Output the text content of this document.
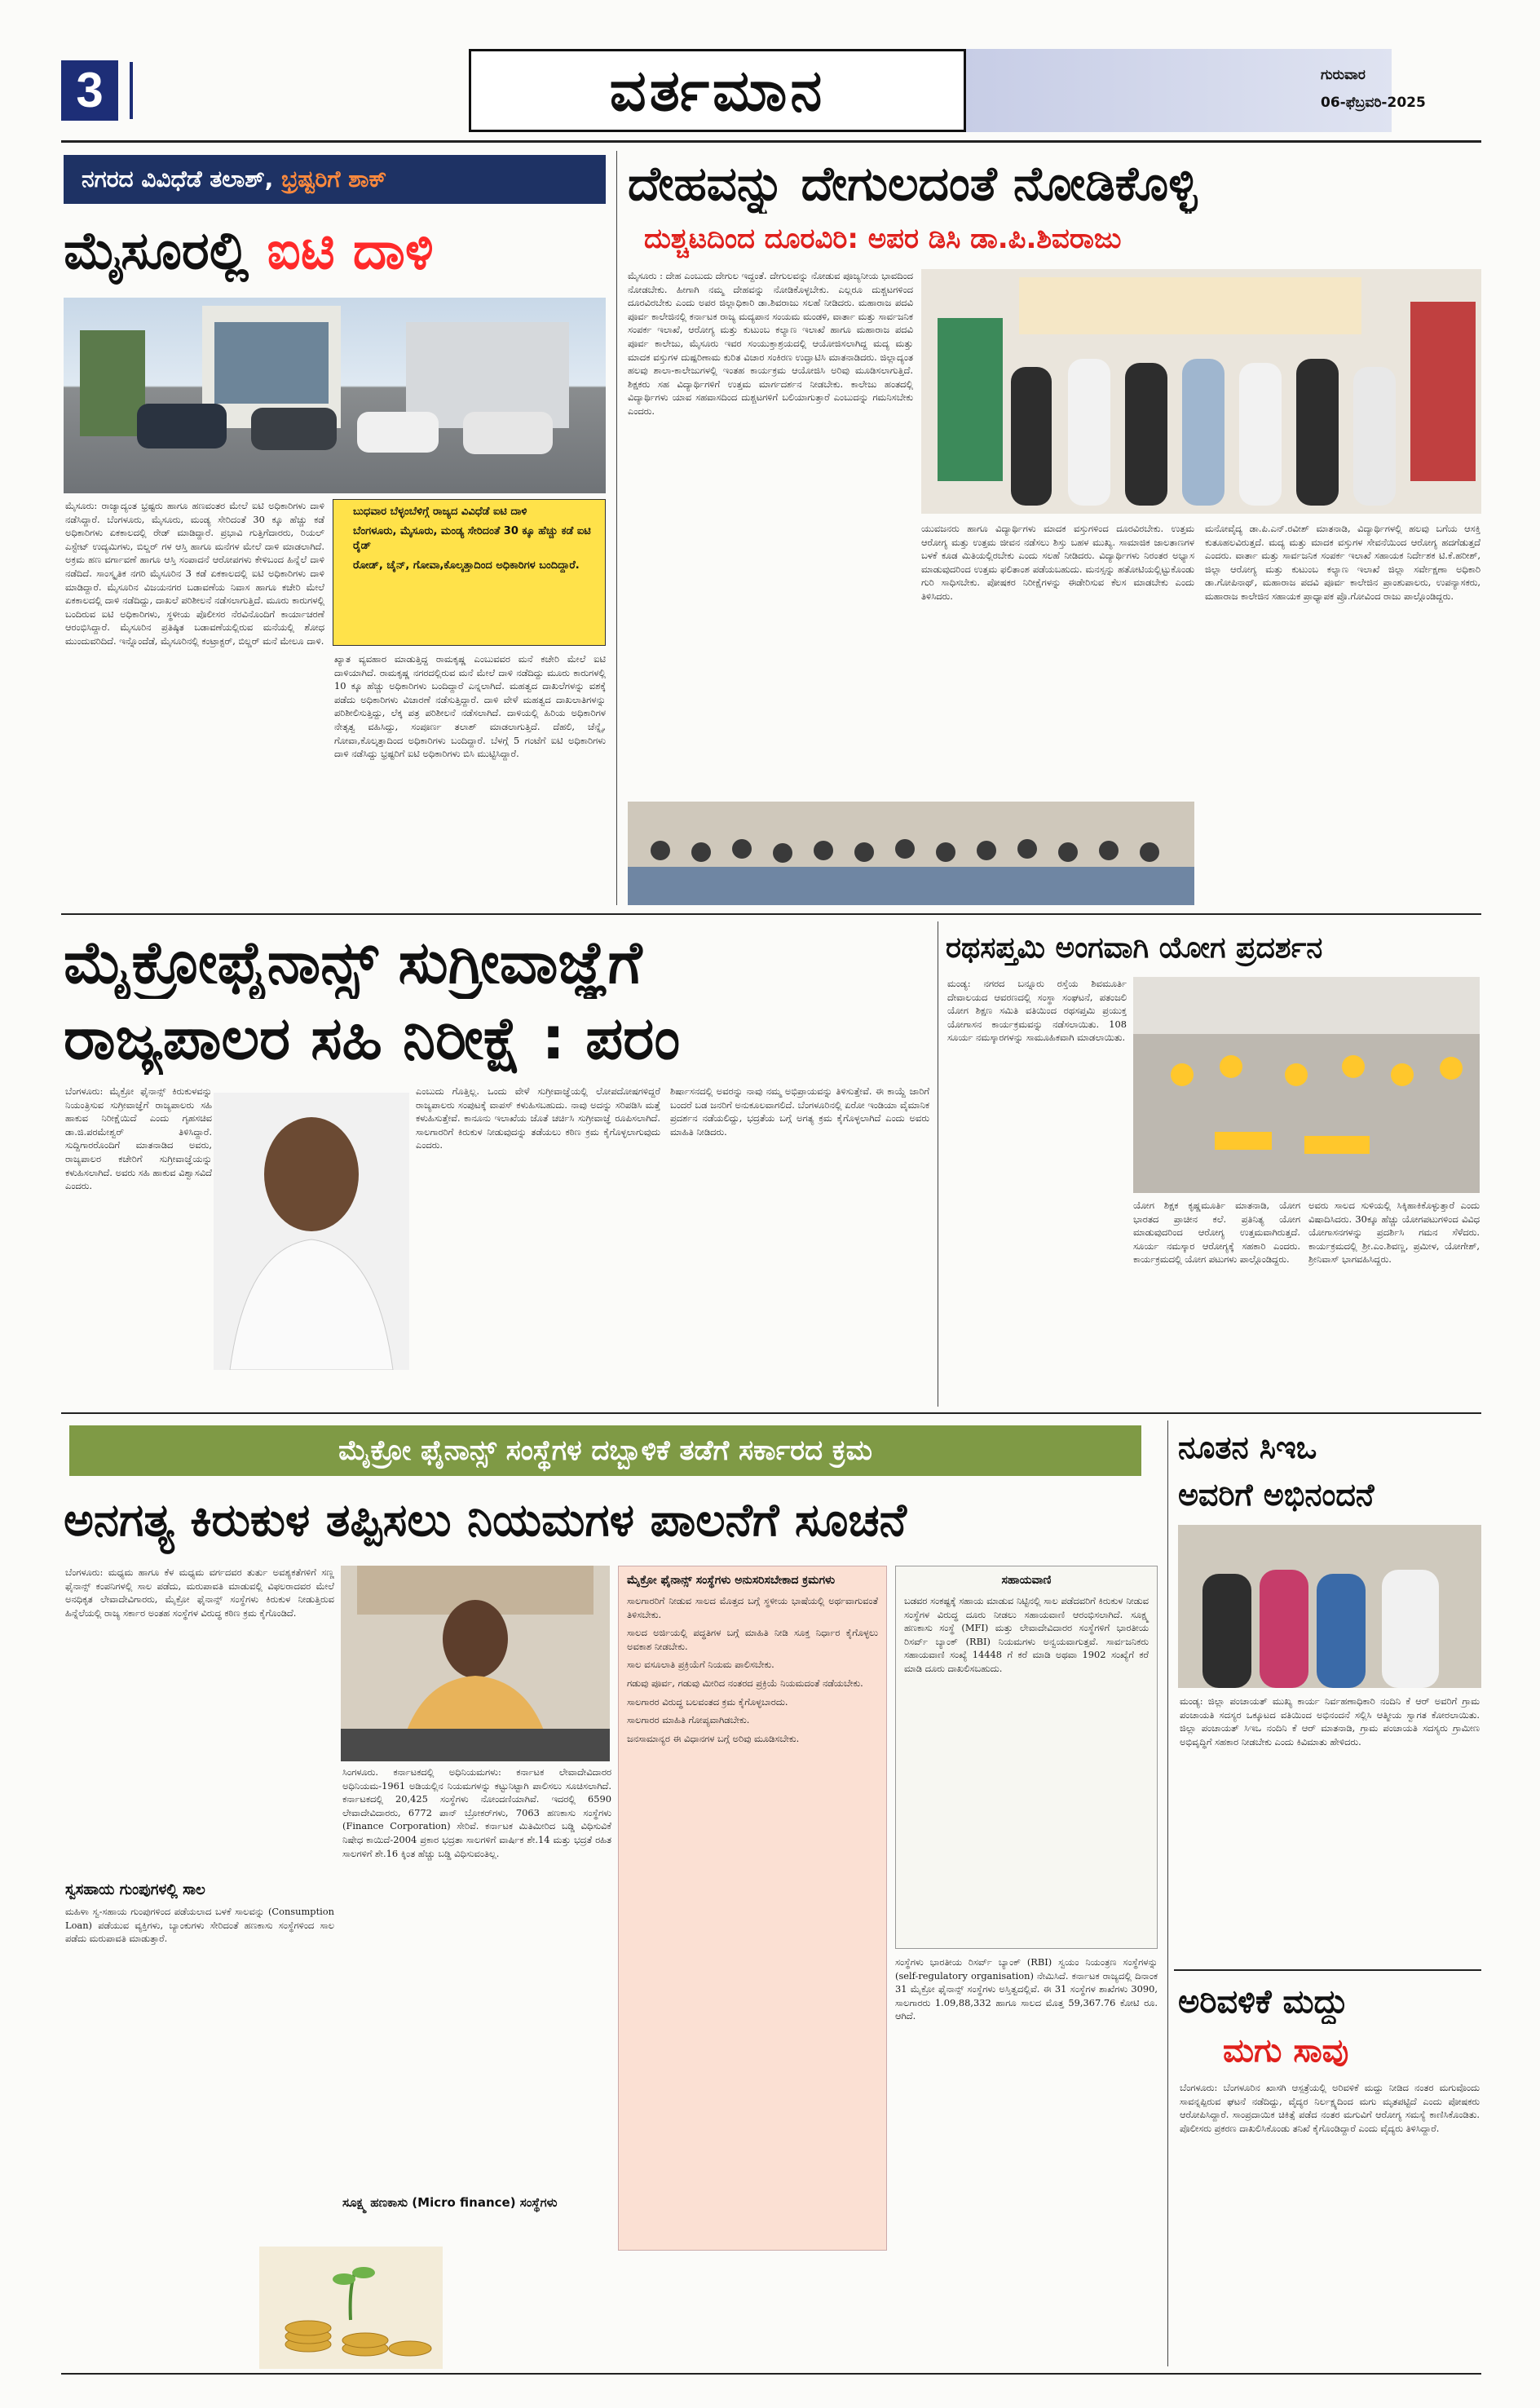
3	ವರ್ತಮಾನ	ಗುರುವಾರ
06-ಫೆಬ್ರವರಿ-2025
ನಗರದ ವಿವಿಧೆಡೆ ತಲಾಶ್, ಭ್ರಷ್ಟರಿಗೆ ಶಾಕ್
ಮೈಸೂರಲ್ಲಿ ಐಟಿ ದಾಳಿ
ಮೈಸೂರು: ರಾಜ್ಯಾದ್ಯಂತ ಭ್ರಷ್ಟರು ಹಾಗೂ ಹಣವಂತರ ಮೇಲೆ ಐಟಿ ಅಧಿಕಾರಿಗಳು ದಾಳಿ ನಡೆಸಿದ್ದಾರೆ. ಬೆಂಗಳೂರು, ಮೈಸೂರು, ಮಂಡ್ಯ ಸೇರಿದಂತೆ 30 ಕ್ಕೂ ಹೆಚ್ಚು ಕಡೆ ಅಧಿಕಾರಿಗಳು ಏಕಕಾಲದಲ್ಲಿ ರೇಡ್ ಮಾಡಿದ್ದಾರೆ. ಪ್ರಭಾವಿ ಗುತ್ತಿಗೆದಾರರು, ರಿಯಲ್ ಎಸ್ಟೇಟ್ ಉದ್ಯಮಿಗಳು, ಬಿಲ್ಡರ್ ಗಳ ಆಸ್ತಿ ಹಾಗೂ ಮನೆಗಳ ಮೇಲೆ ದಾಳಿ ಮಾಡಲಾಗಿದೆ. ಅಕ್ರಮ ಹಣ ವರ್ಗಾವಣೆ ಹಾಗೂ ಆಸ್ತಿ ಸಂಪಾದನೆ ಆರೋಪಗಳು ಕೇಳಿಬಂದ ಹಿನ್ನೆಲೆ ದಾಳಿ ನಡೆದಿದೆ. ಸಾಂಸ್ಕೃತಿಕ ನಗರಿ ಮೈಸೂರಿನ 3 ಕಡೆ ಏಕಕಾಲದಲ್ಲಿ ಐಟಿ ಅಧಿಕಾರಿಗಳು ದಾಳಿ ಮಾಡಿದ್ದಾರೆ. ಮೈಸೂರಿನ ವಿಜಯನಗರ ಬಡಾವಣೆಯ ನಿವಾಸ ಹಾಗೂ ಕಚೇರಿ ಮೇಲೆ ಏಕಕಾಲದಲ್ಲಿ ದಾಳಿ ನಡೆದಿದ್ದು, ದಾಖಲೆ ಪರಿಶೀಲನೆ ನಡೆಸಲಾಗುತ್ತಿದೆ. ಮೂರು ಕಾರುಗಳಲ್ಲಿ ಬಂದಿರುವ ಐಟಿ ಅಧಿಕಾರಿಗಳು, ಸ್ಥಳೀಯ ಪೊಲೀಸರ ನೆರವಿನೊಂದಿಗೆ ಕಾರ್ಯಾಚರಣೆ ಆರಂಭಿಸಿದ್ದಾರೆ. ಮೈಸೂರಿನ ಪ್ರತಿಷ್ಠಿತ ಬಡಾವಣೆಯಲ್ಲಿರುವ ಮನೆಯಲ್ಲಿ ಶೋಧ ಮುಂದುವರಿದಿದೆ. ಇನ್ನೊಂದೆಡೆ, ಮೈಸೂರಿನಲ್ಲಿ ಕಂಟ್ರಾಕ್ಟರ್, ಬಿಲ್ಡರ್ ಮನೆ ಮೇಲೂ ದಾಳಿ.
ಬುಧವಾರ ಬೆಳ್ಳಂಬೆಳಿಗ್ಗೆ ರಾಜ್ಯದ ವಿವಿಧೆಡೆ ಐಟಿ ದಾಳಿ
ಬೆಂಗಳೂರು, ಮೈಸೂರು, ಮಂಡ್ಯ ಸೇರಿದಂತೆ 30 ಕ್ಕೂ ಹೆಚ್ಚು ಕಡೆ ಐಟಿ ರೈಡ್
ರೋಡ್, ಚೈನ್, ಗೋವಾ,ಕೊಲ್ಕತ್ತಾದಿಂದ ಅಧಿಕಾರಿಗಳ ಬಂದಿದ್ದಾರೆ.
ಖ್ಯಾತ ವ್ಯವಹಾರ ಮಾಡುತ್ತಿದ್ದ ರಾಮಕೃಷ್ಣ ಎಂಬುವವರ ಮನೆ ಕಚೇರಿ ಮೇಲೆ ಐಟಿ ದಾಳಿಯಾಗಿದೆ. ರಾಮಕೃಷ್ಣ ನಗರದಲ್ಲಿರುವ ಮನೆ ಮೇಲೆ ದಾಳಿ ನಡೆದಿದ್ದು ಮೂರು ಕಾರುಗಳಲ್ಲಿ 10 ಕ್ಕೂ ಹೆಚ್ಚು ಅಧಿಕಾರಿಗಳು ಬಂದಿದ್ದಾರೆ ಎನ್ನಲಾಗಿದೆ. ಮಹತ್ವದ ದಾಖಲೆಗಳನ್ನು ವಶಕ್ಕೆ ಪಡೆದು ಅಧಿಕಾರಿಗಳು ವಿಚಾರಣೆ ನಡೆಸುತ್ತಿದ್ದಾರೆ. ದಾಳಿ ವೇಳೆ ಮಹತ್ವದ ದಾಖಲಾತಿಗಳನ್ನು ಪರಿಶೀಲಿಸುತ್ತಿದ್ದು, ಲೆಕ್ಕ ಪತ್ರ ಪರಿಶೀಲನೆ ನಡೆಸಲಾಗಿದೆ. ದಾಳಿಯಲ್ಲಿ ಹಿರಿಯ ಅಧಿಕಾರಿಗಳ ನೇತೃತ್ವ ವಹಿಸಿದ್ದು, ಸಂಪೂರ್ಣ ತಲಾಶ್ ಮಾಡಲಾಗುತ್ತಿದೆ. ದೆಹಲಿ, ಚೆನ್ನೈ, ಗೋವಾ,ಕೊಲ್ಕತ್ತಾದಿಂದ ಅಧಿಕಾರಿಗಳು ಬಂದಿದ್ದಾರೆ. ಬೆಳಗ್ಗೆ 5 ಗಂಟೆಗೆ ಐಟಿ ಅಧಿಕಾರಿಗಳು ದಾಳಿ ನಡೆಸಿದ್ದು ಭ್ರಷ್ಟರಿಗೆ ಐಟಿ ಅಧಿಕಾರಿಗಳು ಬಿಸಿ ಮುಟ್ಟಿಸಿದ್ದಾರೆ.
ದೇಹವನ್ನು ದೇಗುಲದಂತೆ ನೋಡಿಕೊಳ್ಳಿ
ದುಶ್ಚಟದಿಂದ ದೂರವಿರಿ: ಅಪರ ಡಿಸಿ ಡಾ.ಪಿ.ಶಿವರಾಜು
ಮೈಸೂರು : ದೇಹ ಎಂಬುದು ದೇಗುಲ ಇದ್ದಂತೆ. ದೇಗುಲವನ್ನು ನೋಡುವ ಪೂಜ್ಯನೀಯ ಭಾವದಿಂದ ನೋಡಬೇಕು. ಹೀಗಾಗಿ ನಮ್ಮ ದೇಹವನ್ನು ನೋಡಿಕೊಳ್ಳಬೇಕು. ಎಲ್ಲರೂ ದುಶ್ಚಟಗಳಿಂದ ದೂರವಿರಬೇಕು ಎಂದು ಅಪರ ಜಿಲ್ಲಾಧಿಕಾರಿ ಡಾ.ಶಿವರಾಜು ಸಲಹೆ ನೀಡಿದರು. ಮಹಾರಾಜ ಪದವಿ ಪೂರ್ವ ಕಾಲೇಜಿನಲ್ಲಿ ಕರ್ನಾಟಕ ರಾಜ್ಯ ಮದ್ಯಪಾನ ಸಂಯಮ ಮಂಡಳಿ, ವಾರ್ತಾ ಮತ್ತು ಸಾರ್ವಜನಿಕ ಸಂಪರ್ಕ ಇಲಾಖೆ, ಆರೋಗ್ಯ ಮತ್ತು ಕುಟುಂಬ ಕಲ್ಯಾಣ ಇಲಾಖೆ ಹಾಗೂ ಮಹಾರಾಜ ಪದವಿ ಪೂರ್ವ ಕಾಲೇಜು, ಮೈಸೂರು ಇವರ ಸಂಯುಕ್ತಾಶ್ರಯದಲ್ಲಿ ಆಯೋಜಿಸಲಾಗಿದ್ದ ಮದ್ಯ ಮತ್ತು ಮಾದಕ ವಸ್ತುಗಳ ದುಷ್ಪರಿಣಾಮ ಕುರಿತ ವಿಚಾರ ಸಂಕಿರಣ ಉದ್ಘಾಟಿಸಿ ಮಾತನಾಡಿದರು. ಜಿಲ್ಲಾದ್ಯಂತ ಹಲವು ಶಾಲಾ-ಕಾಲೇಜುಗಳಲ್ಲಿ ಇಂತಹ ಕಾರ್ಯಕ್ರಮ ಆಯೋಜಿಸಿ ಅರಿವು ಮೂಡಿಸಲಾಗುತ್ತಿದೆ. ಶಿಕ್ಷಕರು ಸಹ ವಿದ್ಯಾರ್ಥಿಗಳಿಗೆ ಉತ್ತಮ ಮಾರ್ಗದರ್ಶನ ನೀಡಬೇಕು. ಕಾಲೇಜು ಹಂತದಲ್ಲಿ ವಿದ್ಯಾರ್ಥಿಗಳು ಯಾವ ಸಹವಾಸದಿಂದ ದುಶ್ಚಟಗಳಿಗೆ ಬಲಿಯಾಗುತ್ತಾರೆ ಎಂಬುದನ್ನು ಗಮನಿಸಬೇಕು ಎಂದರು.
ಯುವಜನರು ಹಾಗೂ ವಿದ್ಯಾರ್ಥಿಗಳು ಮಾದಕ ವಸ್ತುಗಳಿಂದ ದೂರವಿರಬೇಕು. ಉತ್ತಮ ಆರೋಗ್ಯ ಮತ್ತು ಉತ್ತಮ ಜೀವನ ನಡೆಸಲು ಶಿಸ್ತು ಬಹಳ ಮುಖ್ಯ. ಸಾಮಾಜಿಕ ಜಾಲತಾಣಗಳ ಬಳಕೆ ಕೂಡ ಮಿತಿಯಲ್ಲಿರಬೇಕು ಎಂದು ಸಲಹೆ ನೀಡಿದರು. ವಿದ್ಯಾರ್ಥಿಗಳು ನಿರಂತರ ಅಭ್ಯಾಸ ಮಾಡುವುದರಿಂದ ಉತ್ತಮ ಫಲಿತಾಂಶ ಪಡೆಯಬಹುದು. ಮನಸ್ಸನ್ನು ಹತೋಟಿಯಲ್ಲಿಟ್ಟುಕೊಂಡು ಗುರಿ ಸಾಧಿಸಬೇಕು. ಪೋಷಕರ ನಿರೀಕ್ಷೆಗಳನ್ನು ಈಡೇರಿಸುವ ಕೆಲಸ ಮಾಡಬೇಕು ಎಂದು ತಿಳಿಸಿದರು.
ಮನೋವೈದ್ಯ ಡಾ.ಪಿ.ಎನ್.ರವೀಶ್ ಮಾತನಾಡಿ, ವಿದ್ಯಾರ್ಥಿಗಳಲ್ಲಿ ಹಲವು ಬಗೆಯ ಆಸಕ್ತಿ ಕುತೂಹಲವಿರುತ್ತದೆ. ಮದ್ಯ ಮತ್ತು ಮಾದಕ ವಸ್ತುಗಳ ಸೇವನೆಯಿಂದ ಆರೋಗ್ಯ ಹದಗೆಡುತ್ತದೆ ಎಂದರು. ವಾರ್ತಾ ಮತ್ತು ಸಾರ್ವಜನಿಕ ಸಂಪರ್ಕ ಇಲಾಖೆ ಸಹಾಯಕ ನಿರ್ದೇಶಕ ಟಿ.ಕೆ.ಹರೀಶ್, ಜಿಲ್ಲಾ ಆರೋಗ್ಯ ಮತ್ತು ಕುಟುಂಬ ಕಲ್ಯಾಣ ಇಲಾಖೆ ಜಿಲ್ಲಾ ಸರ್ವೇಕ್ಷಣಾ ಅಧಿಕಾರಿ ಡಾ.ಗೋಪಿನಾಥ್, ಮಹಾರಾಜ ಪದವಿ ಪೂರ್ವ ಕಾಲೇಜಿನ ಪ್ರಾಂಶುಪಾಲರು, ಉಪನ್ಯಾಸಕರು, ಮಹಾರಾಜ ಕಾಲೇಜಿನ ಸಹಾಯಕ ಪ್ರಾಧ್ಯಾಪಕ ಪ್ರೊ.ಗೋವಿಂದ ರಾಜು ಪಾಲ್ಗೊಂಡಿದ್ದರು.
ಮೈಕ್ರೋಫೈನಾನ್ಸ್ ಸುಗ್ರೀವಾಜ್ಞೆಗೆ
ರಾಜ್ಯಪಾಲರ ಸಹಿ ನಿರೀಕ್ಷೆ : ಪರಂ
ಬೆಂಗಳೂರು: ಮೈಕ್ರೋ ಫೈನಾನ್ಸ್ ಕಿರುಕುಳವನ್ನು ನಿಯಂತ್ರಿಸುವ ಸುಗ್ರೀವಾಜ್ಞೆಗೆ ರಾಜ್ಯಪಾಲರು ಸಹಿ ಹಾಕುವ ನಿರೀಕ್ಷೆಯಿದೆ ಎಂದು ಗೃಹಸಚಿವ ಡಾ.ಜಿ.ಪರಮೇಶ್ವರ್ ತಿಳಿಸಿದ್ದಾರೆ. ಸುದ್ದಿಗಾರರೊಂದಿಗೆ ಮಾತನಾಡಿದ ಅವರು, ರಾಜ್ಯಪಾಲರ ಕಚೇರಿಗೆ ಸುಗ್ರೀವಾಜ್ಞೆಯನ್ನು ಕಳುಹಿಸಲಾಗಿದೆ. ಅವರು ಸಹಿ ಹಾಕುವ ವಿಶ್ವಾಸವಿದೆ ಎಂದರು.
ಎಂಬುದು ಗೊತ್ತಿಲ್ಲ. ಒಂದು ವೇಳೆ ಸುಗ್ರೀವಾಜ್ಞೆಯಲ್ಲಿ ಲೋಪದೋಷಗಳಿದ್ದರೆ ರಾಜ್ಯಪಾಲರು ಸಂಪುಟಕ್ಕೆ ವಾಪಸ್ ಕಳುಹಿಸಬಹುದು. ನಾವು ಅದನ್ನು ಸರಿಪಡಿಸಿ ಮತ್ತೆ ಕಳುಹಿಸುತ್ತೇವೆ. ಕಾನೂನು ಇಲಾಖೆಯ ಜೊತೆ ಚರ್ಚಿಸಿ ಸುಗ್ರೀವಾಜ್ಞೆ ರೂಪಿಸಲಾಗಿದೆ. ಸಾಲಗಾರರಿಗೆ ಕಿರುಕುಳ ನೀಡುವುದನ್ನು ತಡೆಯಲು ಕಠಿಣ ಕ್ರಮ ಕೈಗೊಳ್ಳಲಾಗುವುದು ಎಂದರು.
ಶಿರ್ಷಾಸನದಲ್ಲಿ ಅವರನ್ನು ನಾವು ನಮ್ಮ ಅಭಿಪ್ರಾಯವನ್ನು ತಿಳಿಸುತ್ತೇವೆ. ಈ ಕಾಯ್ದೆ ಜಾರಿಗೆ ಬಂದರೆ ಬಡ ಜನರಿಗೆ ಅನುಕೂಲವಾಗಲಿದೆ. ಬೆಂಗಳೂರಿನಲ್ಲಿ ಏರೋ ಇಂಡಿಯಾ ವೈಮಾನಿಕ ಪ್ರದರ್ಶನ ನಡೆಯಲಿದ್ದು, ಭದ್ರತೆಯ ಬಗ್ಗೆ ಅಗತ್ಯ ಕ್ರಮ ಕೈಗೊಳ್ಳಲಾಗಿದೆ ಎಂದು ಅವರು ಮಾಹಿತಿ ನೀಡಿದರು.
ರಥಸಪ್ತಮಿ ಅಂಗವಾಗಿ ಯೋಗ ಪ್ರದರ್ಶನ
ಮಂಡ್ಯ: ನಗರದ ಬನ್ನೂರು ರಸ್ತೆಯ ಶಿವಮೂರ್ತಿ ದೇವಾಲಯದ ಆವರಣದಲ್ಲಿ ಸಂಸ್ಥಾ ಸಂಘಟನೆ, ಪತಂಜಲಿ ಯೋಗ ಶಿಕ್ಷಣ ಸಮಿತಿ ವತಿಯಿಂದ ರಥಸಪ್ತಮಿ ಪ್ರಯುಕ್ತ ಯೋಗಾಸನ ಕಾರ್ಯಕ್ರಮವನ್ನು ನಡೆಸಲಾಯಿತು. 108 ಸೂರ್ಯ ನಮಸ್ಕಾರಗಳನ್ನು ಸಾಮೂಹಿಕವಾಗಿ ಮಾಡಲಾಯಿತು.
ಯೋಗ ಶಿಕ್ಷಕ ಕೃಷ್ಣಮೂರ್ತಿ ಮಾತನಾಡಿ, ಯೋಗ ಭಾರತದ ಪ್ರಾಚೀನ ಕಲೆ. ಪ್ರತಿನಿತ್ಯ ಯೋಗ ಮಾಡುವುದರಿಂದ ಆರೋಗ್ಯ ಉತ್ತಮವಾಗಿರುತ್ತದೆ. ಸೂರ್ಯ ನಮಸ್ಕಾರ ಆರೋಗ್ಯಕ್ಕೆ ಸಹಕಾರಿ ಎಂದರು. ಕಾರ್ಯಕ್ರಮದಲ್ಲಿ ಯೋಗ ಪಟುಗಳು ಪಾಲ್ಗೊಂಡಿದ್ದರು.
ಅವರು ಸಾಲದ ಸುಳಿಯಲ್ಲಿ ಸಿಕ್ಕಿಹಾಕಿಕೊಳ್ಳುತ್ತಾರೆ ಎಂದು ವಿಷಾದಿಸಿದರು. 30ಕ್ಕೂ ಹೆಚ್ಚು ಯೋಗಪಟುಗಳಿಂದ ವಿವಿಧ ಯೋಗಾಸನಗಳನ್ನು ಪ್ರದರ್ಶಿಸಿ ಗಮನ ಸೆಳೆದರು. ಕಾರ್ಯಕ್ರಮದಲ್ಲಿ ಶ್ರೀ.ಎಂ.ಶಿವಣ್ಣ, ಪ್ರಮೀಳ, ಯೋಗೇಶ್, ಶ್ರೀನಿವಾಸ್ ಭಾಗವಹಿಸಿದ್ದರು.
ಮೈಕ್ರೋ ಫೈನಾನ್ಸ್ ಸಂಸ್ಥೆಗಳ ದಬ್ಬಾಳಿಕೆ ತಡೆಗೆ ಸರ್ಕಾರದ ಕ್ರಮ
ಅನಗತ್ಯ ಕಿರುಕುಳ ತಪ್ಪಿಸಲು ನಿಯಮಗಳ ಪಾಲನೆಗೆ ಸೂಚನೆ
ಬೆಂಗಳೂರು: ಮಧ್ಯಮ ಹಾಗೂ ಕೆಳ ಮಧ್ಯಮ ವರ್ಗದವರ ತುರ್ತು ಅವಶ್ಯಕತೆಗಳಿಗೆ ಸಣ್ಣ ಫೈನಾನ್ಸ್ ಕಂಪನಿಗಳಲ್ಲಿ ಸಾಲ ಪಡೆದು, ಮರುಪಾವತಿ ಮಾಡುವಲ್ಲಿ ವಿಫಲರಾದವರ ಮೇಲೆ ಅನಧಿಕೃತ ಲೇವಾದೇವಿಗಾರರು, ಮೈಕ್ರೋ ಫೈನಾನ್ಸ್ ಸಂಸ್ಥೆಗಳು ಕಿರುಕುಳ ನೀಡುತ್ತಿರುವ ಹಿನ್ನೆಲೆಯಲ್ಲಿ ರಾಜ್ಯ ಸರ್ಕಾರ ಅಂತಹ ಸಂಸ್ಥೆಗಳ ವಿರುದ್ಧ ಕಠಿಣ ಕ್ರಮ ಕೈಗೊಂಡಿದೆ.
ಸ್ವಸಹಾಯ ಗುಂಪುಗಳಲ್ಲಿ ಸಾಲ
ಮಹಿಳಾ ಸ್ವ-ಸಹಾಯ ಗುಂಪುಗಳಿಂದ ಪಡೆಯಲಾದ ಬಳಕೆ ಸಾಲವನ್ನು (Consumption Loan) ಪಡೆಯುವ ವ್ಯಕ್ತಿಗಳು, ಬ್ಯಾಂಕುಗಳು ಸೇರಿದಂತೆ ಹಣಕಾಸು ಸಂಸ್ಥೆಗಳಿಂದ ಸಾಲ ಪಡೆದು ಮರುಪಾವತಿ ಮಾಡುತ್ತಾರೆ.
ಸಿಂಗಳೂರು. ಕರ್ನಾಟಕದಲ್ಲಿ ಅಧಿನಿಯಮಗಳು: ಕರ್ನಾಟಕ ಲೇವಾದೇವಿದಾರರ ಅಧಿನಿಯಮ-1961 ಅಡಿಯಲ್ಲಿನ ನಿಯಮಗಳನ್ನು ಕಟ್ಟುನಿಟ್ಟಾಗಿ ಪಾಲಿಸಲು ಸೂಚಿಸಲಾಗಿದೆ. ಕರ್ನಾಟಕದಲ್ಲಿ 20,425 ಸಂಸ್ಥೆಗಳು ನೋಂದಣಿಯಾಗಿವೆ. ಇದರಲ್ಲಿ 6590 ಲೇವಾದೇವಿದಾರರು, 6772 ಪಾನ್ ಬ್ರೋಕರ್‌ಗಳು, 7063 ಹಣಕಾಸು ಸಂಸ್ಥೆಗಳು (Finance Corporation) ಸೇರಿವೆ. ಕರ್ನಾಟಕ ಮಿತಿಮೀರಿದ ಬಡ್ಡಿ ವಿಧಿಸುವಿಕೆ ನಿಷೇಧ ಕಾಯಿದೆ-2004 ಪ್ರಕಾರ ಭದ್ರತಾ ಸಾಲಗಳಿಗೆ ವಾರ್ಷಿಕ ಶೇ.14 ಮತ್ತು ಭದ್ರತೆ ರಹಿತ ಸಾಲಗಳಿಗೆ ಶೇ.16 ಕ್ಕಿಂತ ಹೆಚ್ಚು ಬಡ್ಡಿ ವಿಧಿಸುವಂತಿಲ್ಲ.
ಸೂಕ್ಷ್ಮ ಹಣಕಾಸು (Micro finance) ಸಂಸ್ಥೆಗಳು
ಮೈಕ್ರೋ ಫೈನಾನ್ಸ್ ಸಂಸ್ಥೆಗಳು ಅನುಸರಿಸಬೇಕಾದ ಕ್ರಮಗಳು
ಸಾಲಗಾರರಿಗೆ ನೀಡುವ ಸಾಲದ ಮೊತ್ತದ ಬಗ್ಗೆ ಸ್ಥಳೀಯ ಭಾಷೆಯಲ್ಲಿ ಅರ್ಥವಾಗುವಂತೆ ತಿಳಿಸಬೇಕು.
ಸಾಲದ ಅರ್ಜಿಯಲ್ಲಿ ಪದ್ಧತಿಗಳ ಬಗ್ಗೆ ಮಾಹಿತಿ ನೀಡಿ ಸೂಕ್ತ ನಿರ್ಧಾರ ಕೈಗೊಳ್ಳಲು ಅವಕಾಶ ನೀಡಬೇಕು.
ಸಾಲ ವಸೂಲಾತಿ ಪ್ರಕ್ರಿಯೆಗೆ ನಿಯಮ ಪಾಲಿಸಬೇಕು.
ಗಡುವು ಪೂರ್ವ, ಗಡುವು ಮೀರಿದ ನಂತರದ ಪ್ರಕ್ರಿಯೆ ನಿಯಮದಂತೆ ನಡೆಯಬೇಕು.
ಸಾಲಗಾರರ ವಿರುದ್ಧ ಬಲವಂತದ ಕ್ರಮ ಕೈಗೊಳ್ಳಬಾರದು.
ಸಾಲಗಾರರ ಮಾಹಿತಿ ಗೋಪ್ಯವಾಗಿಡಬೇಕು.
ಜನಸಾಮಾನ್ಯರ ಈ ವಿಧಾನಗಳ ಬಗ್ಗೆ ಅರಿವು ಮೂಡಿಸಬೇಕು.
ಸಹಾಯವಾಣಿ
ಬಡವರ ಸಂಕಷ್ಟಕ್ಕೆ ಸಹಾಯ ಮಾಡುವ ನಿಟ್ಟಿನಲ್ಲಿ ಸಾಲ ಪಡೆದವರಿಗೆ ಕಿರುಕುಳ ನೀಡುವ ಸಂಸ್ಥೆಗಳ ವಿರುದ್ಧ ದೂರು ನೀಡಲು ಸಹಾಯವಾಣಿ ಆರಂಭಿಸಲಾಗಿದೆ. ಸೂಕ್ಷ್ಮ ಹಣಕಾಸು ಸಂಸ್ಥೆ (MFI) ಮತ್ತು ಲೇವಾದೇವಿದಾರರ ಸಂಸ್ಥೆಗಳಿಗೆ ಭಾರತೀಯ ರಿಸರ್ವ್ ಬ್ಯಾಂಕ್ (RBI) ನಿಯಮಗಳು ಅನ್ವಯವಾಗುತ್ತವೆ. ಸಾರ್ವಜನಿಕರು ಸಹಾಯವಾಣಿ ಸಂಖ್ಯೆ 14448 ಗೆ ಕರೆ ಮಾಡಿ ಅಥವಾ 1902 ಸಂಖ್ಯೆಗೆ ಕರೆ ಮಾಡಿ ದೂರು ದಾಖಲಿಸಬಹುದು.
ಸಂಸ್ಥೆಗಳು ಭಾರತೀಯ ರಿಸರ್ವ್ ಬ್ಯಾಂಕ್ (RBI) ಸ್ವಯಂ ನಿಯಂತ್ರಣ ಸಂಸ್ಥೆಗಳನ್ನು (self-regulatory organisation) ನೇಮಿಸಿದೆ. ಕರ್ನಾಟಕ ರಾಜ್ಯದಲ್ಲಿ ದಿನಾಂಕ 31 ಮೈಕ್ರೋ ಫೈನಾನ್ಸ್ ಸಂಸ್ಥೆಗಳು ಅಸ್ತಿತ್ವದಲ್ಲಿವೆ. ಈ 31 ಸಂಸ್ಥೆಗಳ ಶಾಖೆಗಳು 3090, ಸಾಲಗಾರರು 1.09,88,332 ಹಾಗೂ ಸಾಲದ ಮೊತ್ತ 59,367.76 ಕೋಟಿ ರೂ. ಆಗಿದೆ.
ನೂತನ ಸಿಇಒ
ಅವರಿಗೆ ಅಭಿನಂದನೆ
ಮಂಡ್ಯ: ಜಿಲ್ಲಾ ಪಂಚಾಯತ್ ಮುಖ್ಯ ಕಾರ್ಯ ನಿರ್ವಹಣಾಧಿಕಾರಿ ನಂದಿನಿ ಕೆ ಆರ್ ಅವರಿಗೆ ಗ್ರಾಮ ಪಂಚಾಯತಿ ಸದಸ್ಯರ ಒಕ್ಕೂಟದ ವತಿಯಿಂದ ಅಭಿನಂದನೆ ಸಲ್ಲಿಸಿ ಆತ್ಮೀಯ ಸ್ವಾಗತ ಕೋರಲಾಯಿತು. ಜಿಲ್ಲಾ ಪಂಚಾಯತ್ ಸಿಇಒ ನಂದಿನಿ ಕೆ ಆರ್ ಮಾತನಾಡಿ, ಗ್ರಾಮ ಪಂಚಾಯತಿ ಸದಸ್ಯರು ಗ್ರಾಮೀಣ ಅಭಿವೃದ್ಧಿಗೆ ಸಹಕಾರ ನೀಡಬೇಕು ಎಂದು ಕಿವಿಮಾತು ಹೇಳಿದರು.
ಅರಿವಳಿಕೆ ಮದ್ದು
ಮಗು ಸಾವು
ಬೆಂಗಳೂರು: ಬೆಂಗಳೂರಿನ ಖಾಸಗಿ ಆಸ್ಪತ್ರೆಯಲ್ಲಿ ಅರಿವಳಿಕೆ ಮದ್ದು ನೀಡಿದ ನಂತರ ಮಗುವೊಂದು ಸಾವನ್ನಪ್ಪಿರುವ ಘಟನೆ ನಡೆದಿದ್ದು, ವೈದ್ಯರ ನಿರ್ಲಕ್ಷ್ಯದಿಂದ ಮಗು ಮೃತಪಟ್ಟಿದೆ ಎಂದು ಪೋಷಕರು ಆರೋಪಿಸಿದ್ದಾರೆ. ಸಾಂಪ್ರದಾಯಿಕ ಚಿಕಿತ್ಸೆ ಪಡೆದ ನಂತರ ಮಗುವಿಗೆ ಆರೋಗ್ಯ ಸಮಸ್ಯೆ ಕಾಣಿಸಿಕೊಂಡಿತು. ಪೊಲೀಸರು ಪ್ರಕರಣ ದಾಖಲಿಸಿಕೊಂಡು ತನಿಖೆ ಕೈಗೊಂಡಿದ್ದಾರೆ ಎಂದು ವೈದ್ಯರು ತಿಳಿಸಿದ್ದಾರೆ.
